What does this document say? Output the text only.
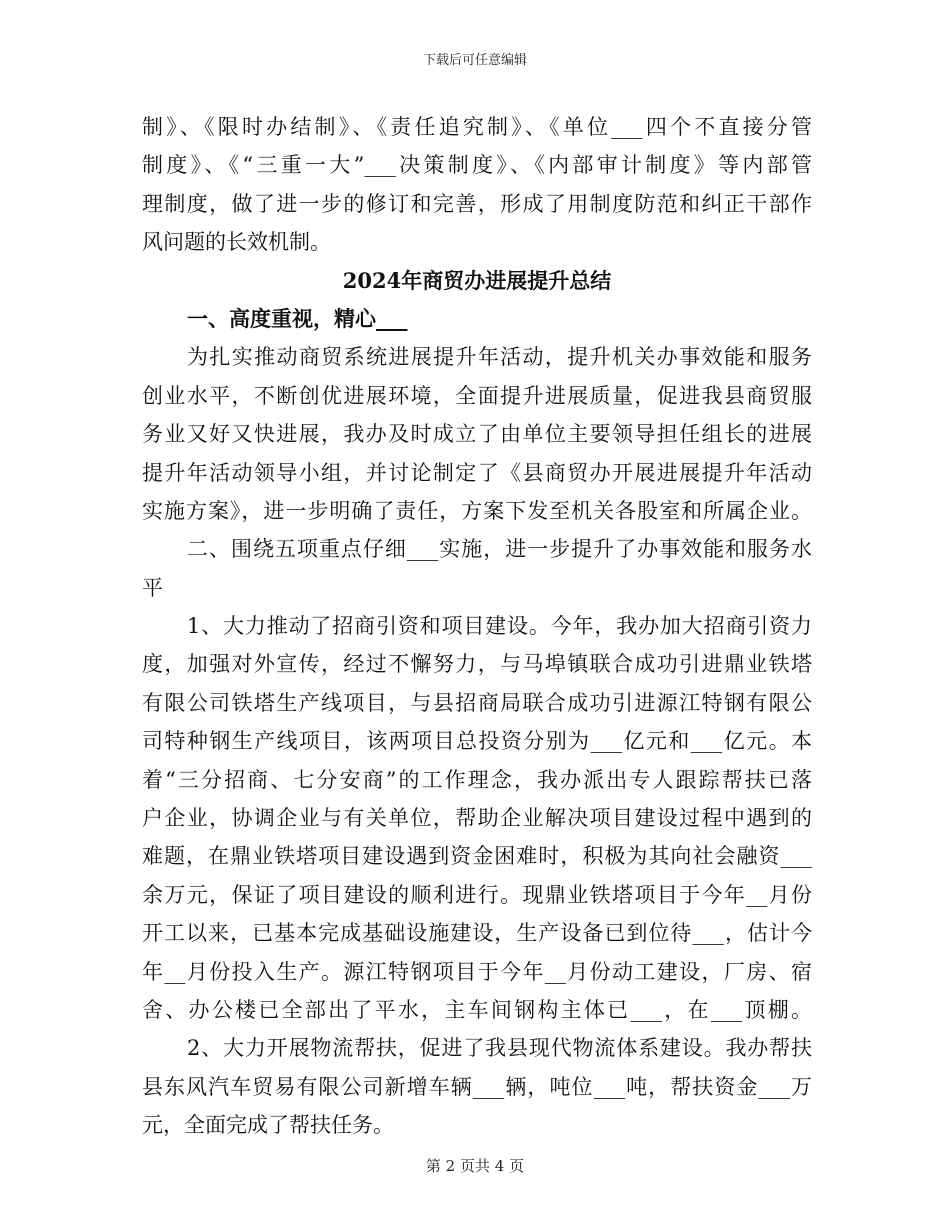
下载后可任意编辑
制》、《限时办结制》、《责任追究制》、《单位___四个不直接分管
制度》、《“三重一大”___决策制度》、《内部审计制度》等内部管
理制度，做了进一步的修订和完善，形成了用制度防范和纠正干部作
风问题的长效机制。
2024年商贸办进展提升总结
一、高度重视，精心___
为扎实推动商贸系统进展提升年活动，提升机关办事效能和服务
创业水平，不断创优进展环境，全面提升进展质量，促进我县商贸服
务业又好又快进展，我办及时成立了由单位主要领导担任组长的进展
提升年活动领导小组，并讨论制定了《县商贸办开展进展提升年活动
实施方案》，进一步明确了责任，方案下发至机关各股室和所属企业。
二、围绕五项重点仔细___实施，进一步提升了办事效能和服务水
平
1、大力推动了招商引资和项目建设。今年，我办加大招商引资力
度，加强对外宣传，经过不懈努力，与马埠镇联合成功引进鼎业铁塔
有限公司铁塔生产线项目，与县招商局联合成功引进源江特钢有限公
司特种钢生产线项目，该两项目总投资分别为___亿元和___亿元。本
着“三分招商、七分安商”的工作理念，我办派出专人跟踪帮扶已落
户企业，协调企业与有关单位，帮助企业解决项目建设过程中遇到的
难题，在鼎业铁塔项目建设遇到资金困难时，积极为其向社会融资___
余万元，保证了项目建设的顺利进行。现鼎业铁塔项目于今年__月份
开工以来，已基本完成基础设施建设，生产设备已到位待___，估计今
年__月份投入生产。源江特钢项目于今年__月份动工建设，厂房、宿
舍、办公楼已全部出了平水，主车间钢构主体已___，在___顶棚。
2、大力开展物流帮扶，促进了我县现代物流体系建设。我办帮扶
县东风汽车贸易有限公司新增车辆___辆，吨位___吨，帮扶资金___万
元，全面完成了帮扶任务。
第 2 页共 4 页
